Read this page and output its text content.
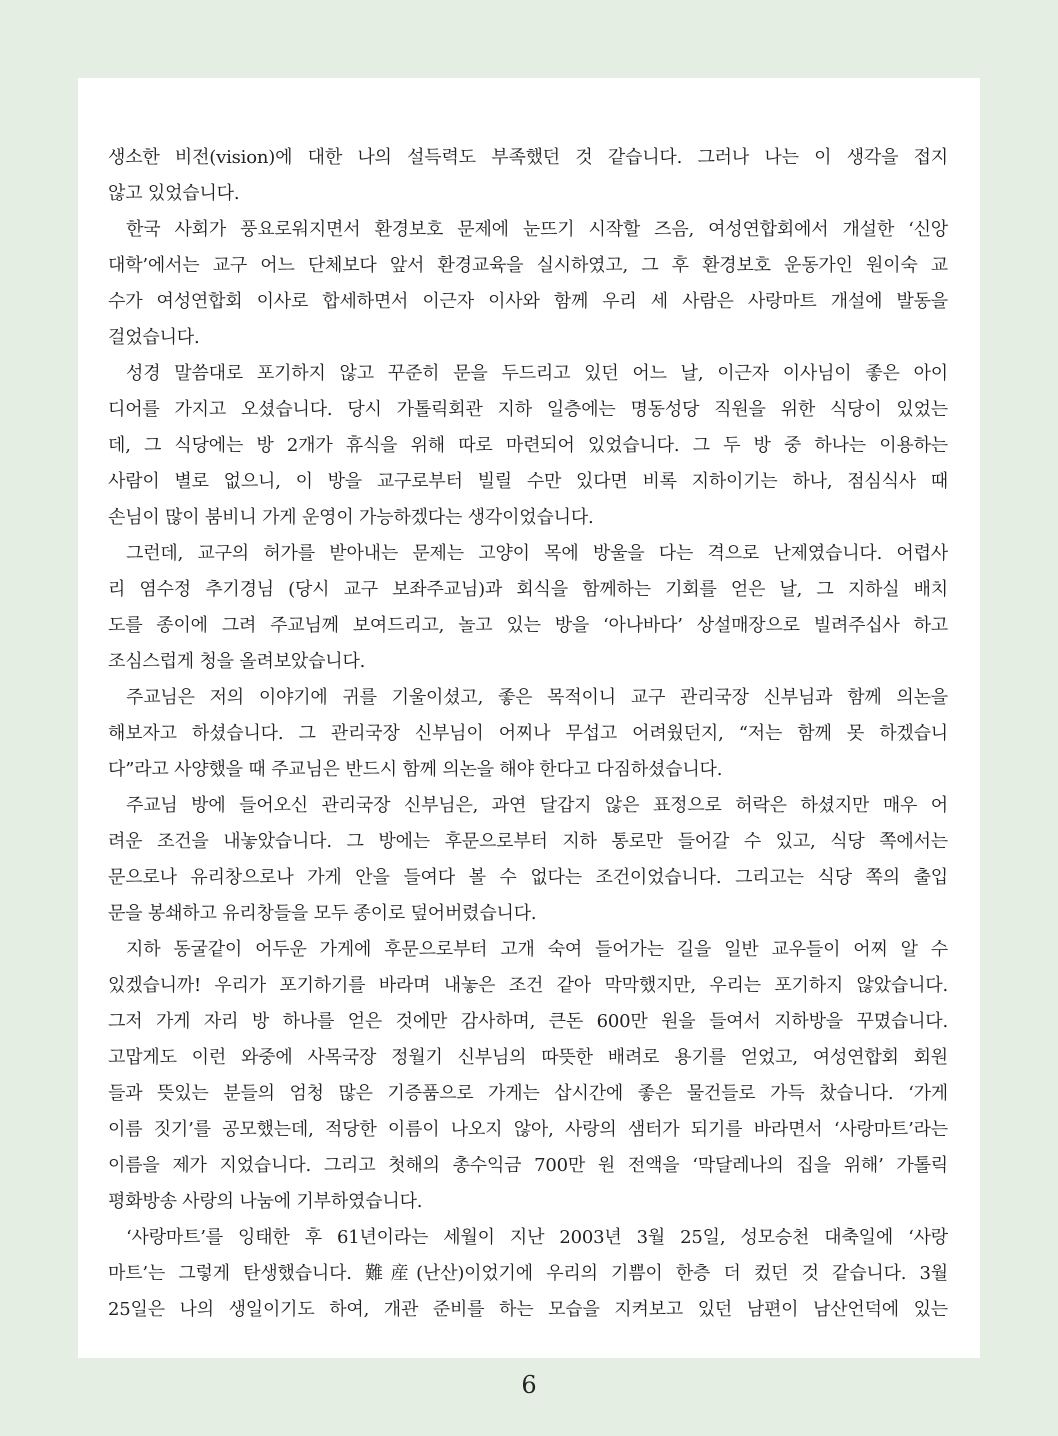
생소한 비전(vision)에 대한 나의 설득력도 부족했던 것 같습니다. 그러나 나는 이 생각을 접지
않고 있었습니다.
한국 사회가 풍요로워지면서 환경보호 문제에 눈뜨기 시작할 즈음, 여성연합회에서 개설한 ‘신앙
대학’에서는 교구 어느 단체보다 앞서 환경교육을 실시하였고, 그 후 환경보호 운동가인 원이숙 교
수가 여성연합회 이사로 합세하면서 이근자 이사와 함께 우리 세 사람은 사랑마트 개설에 발동을
걸었습니다.
성경 말씀대로 포기하지 않고 꾸준히 문을 두드리고 있던 어느 날, 이근자 이사님이 좋은 아이
디어를 가지고 오셨습니다. 당시 가톨릭회관 지하 일층에는 명동성당 직원을 위한 식당이 있었는
데, 그 식당에는 방 2개가 휴식을 위해 따로 마련되어 있었습니다. 그 두 방 중 하나는 이용하는
사람이 별로 없으니, 이 방을 교구로부터 빌릴 수만 있다면 비록 지하이기는 하나, 점심식사 때
손님이 많이 붐비니 가게 운영이 가능하겠다는 생각이었습니다.
그런데, 교구의 허가를 받아내는 문제는 고양이 목에 방울을 다는 격으로 난제였습니다. 어렵사
리 염수정 추기경님 (당시 교구 보좌주교님)과 회식을 함께하는 기회를 얻은 날, 그 지하실 배치
도를 종이에 그려 주교님께 보여드리고, 놀고 있는 방을 ‘아나바다’ 상설매장으로 빌려주십사 하고
조심스럽게 청을 올려보았습니다.
주교님은 저의 이야기에 귀를 기울이셨고, 좋은 목적이니 교구 관리국장 신부님과 함께 의논을
해보자고 하셨습니다. 그 관리국장 신부님이 어찌나 무섭고 어려웠던지, “저는 함께 못 하겠습니
다”라고 사양했을 때 주교님은 반드시 함께 의논을 해야 한다고 다짐하셨습니다.
주교님 방에 들어오신 관리국장 신부님은, 과연 달갑지 않은 표정으로 허락은 하셨지만 매우 어
려운 조건을 내놓았습니다. 그 방에는 후문으로부터 지하 통로만 들어갈 수 있고, 식당 쪽에서는
문으로나 유리창으로나 가게 안을 들여다 볼 수 없다는 조건이었습니다. 그리고는 식당 쪽의 출입
문을 봉쇄하고 유리창들을 모두 종이로 덮어버렸습니다.
지하 동굴같이 어두운 가게에 후문으로부터 고개 숙여 들어가는 길을 일반 교우들이 어찌 알 수
있겠습니까! 우리가 포기하기를 바라며 내놓은 조건 같아 막막했지만, 우리는 포기하지 않았습니다.
그저 가게 자리 방 하나를 얻은 것에만 감사하며, 큰돈 600만 원을 들여서 지하방을 꾸몄습니다.
고맙게도 이런 와중에 사목국장 정월기 신부님의 따뜻한 배려로 용기를 얻었고, 여성연합회 회원
들과 뜻있는 분들의 엄청 많은 기증품으로 가게는 삽시간에 좋은 물건들로 가득 찼습니다. ‘가게
이름 짓기’를 공모했는데, 적당한 이름이 나오지 않아, 사랑의 샘터가 되기를 바라면서 ‘사랑마트’라는
이름을 제가 지었습니다. 그리고 첫해의 총수익금 700만 원 전액을 ‘막달레나의 집을 위해’ 가톨릭
평화방송 사랑의 나눔에 기부하였습니다.
‘사랑마트’를 잉태한 후 61년이라는 세월이 지난 2003년 3월 25일, 성모승천 대축일에 ‘사랑
마트’는 그렇게 탄생했습니다. 難産(난산)이었기에 우리의 기쁨이 한층 더 컸던 것 같습니다. 3월
25일은 나의 생일이기도 하여, 개관 준비를 하는 모습을 지켜보고 있던 남편이 남산언덕에 있는
6
